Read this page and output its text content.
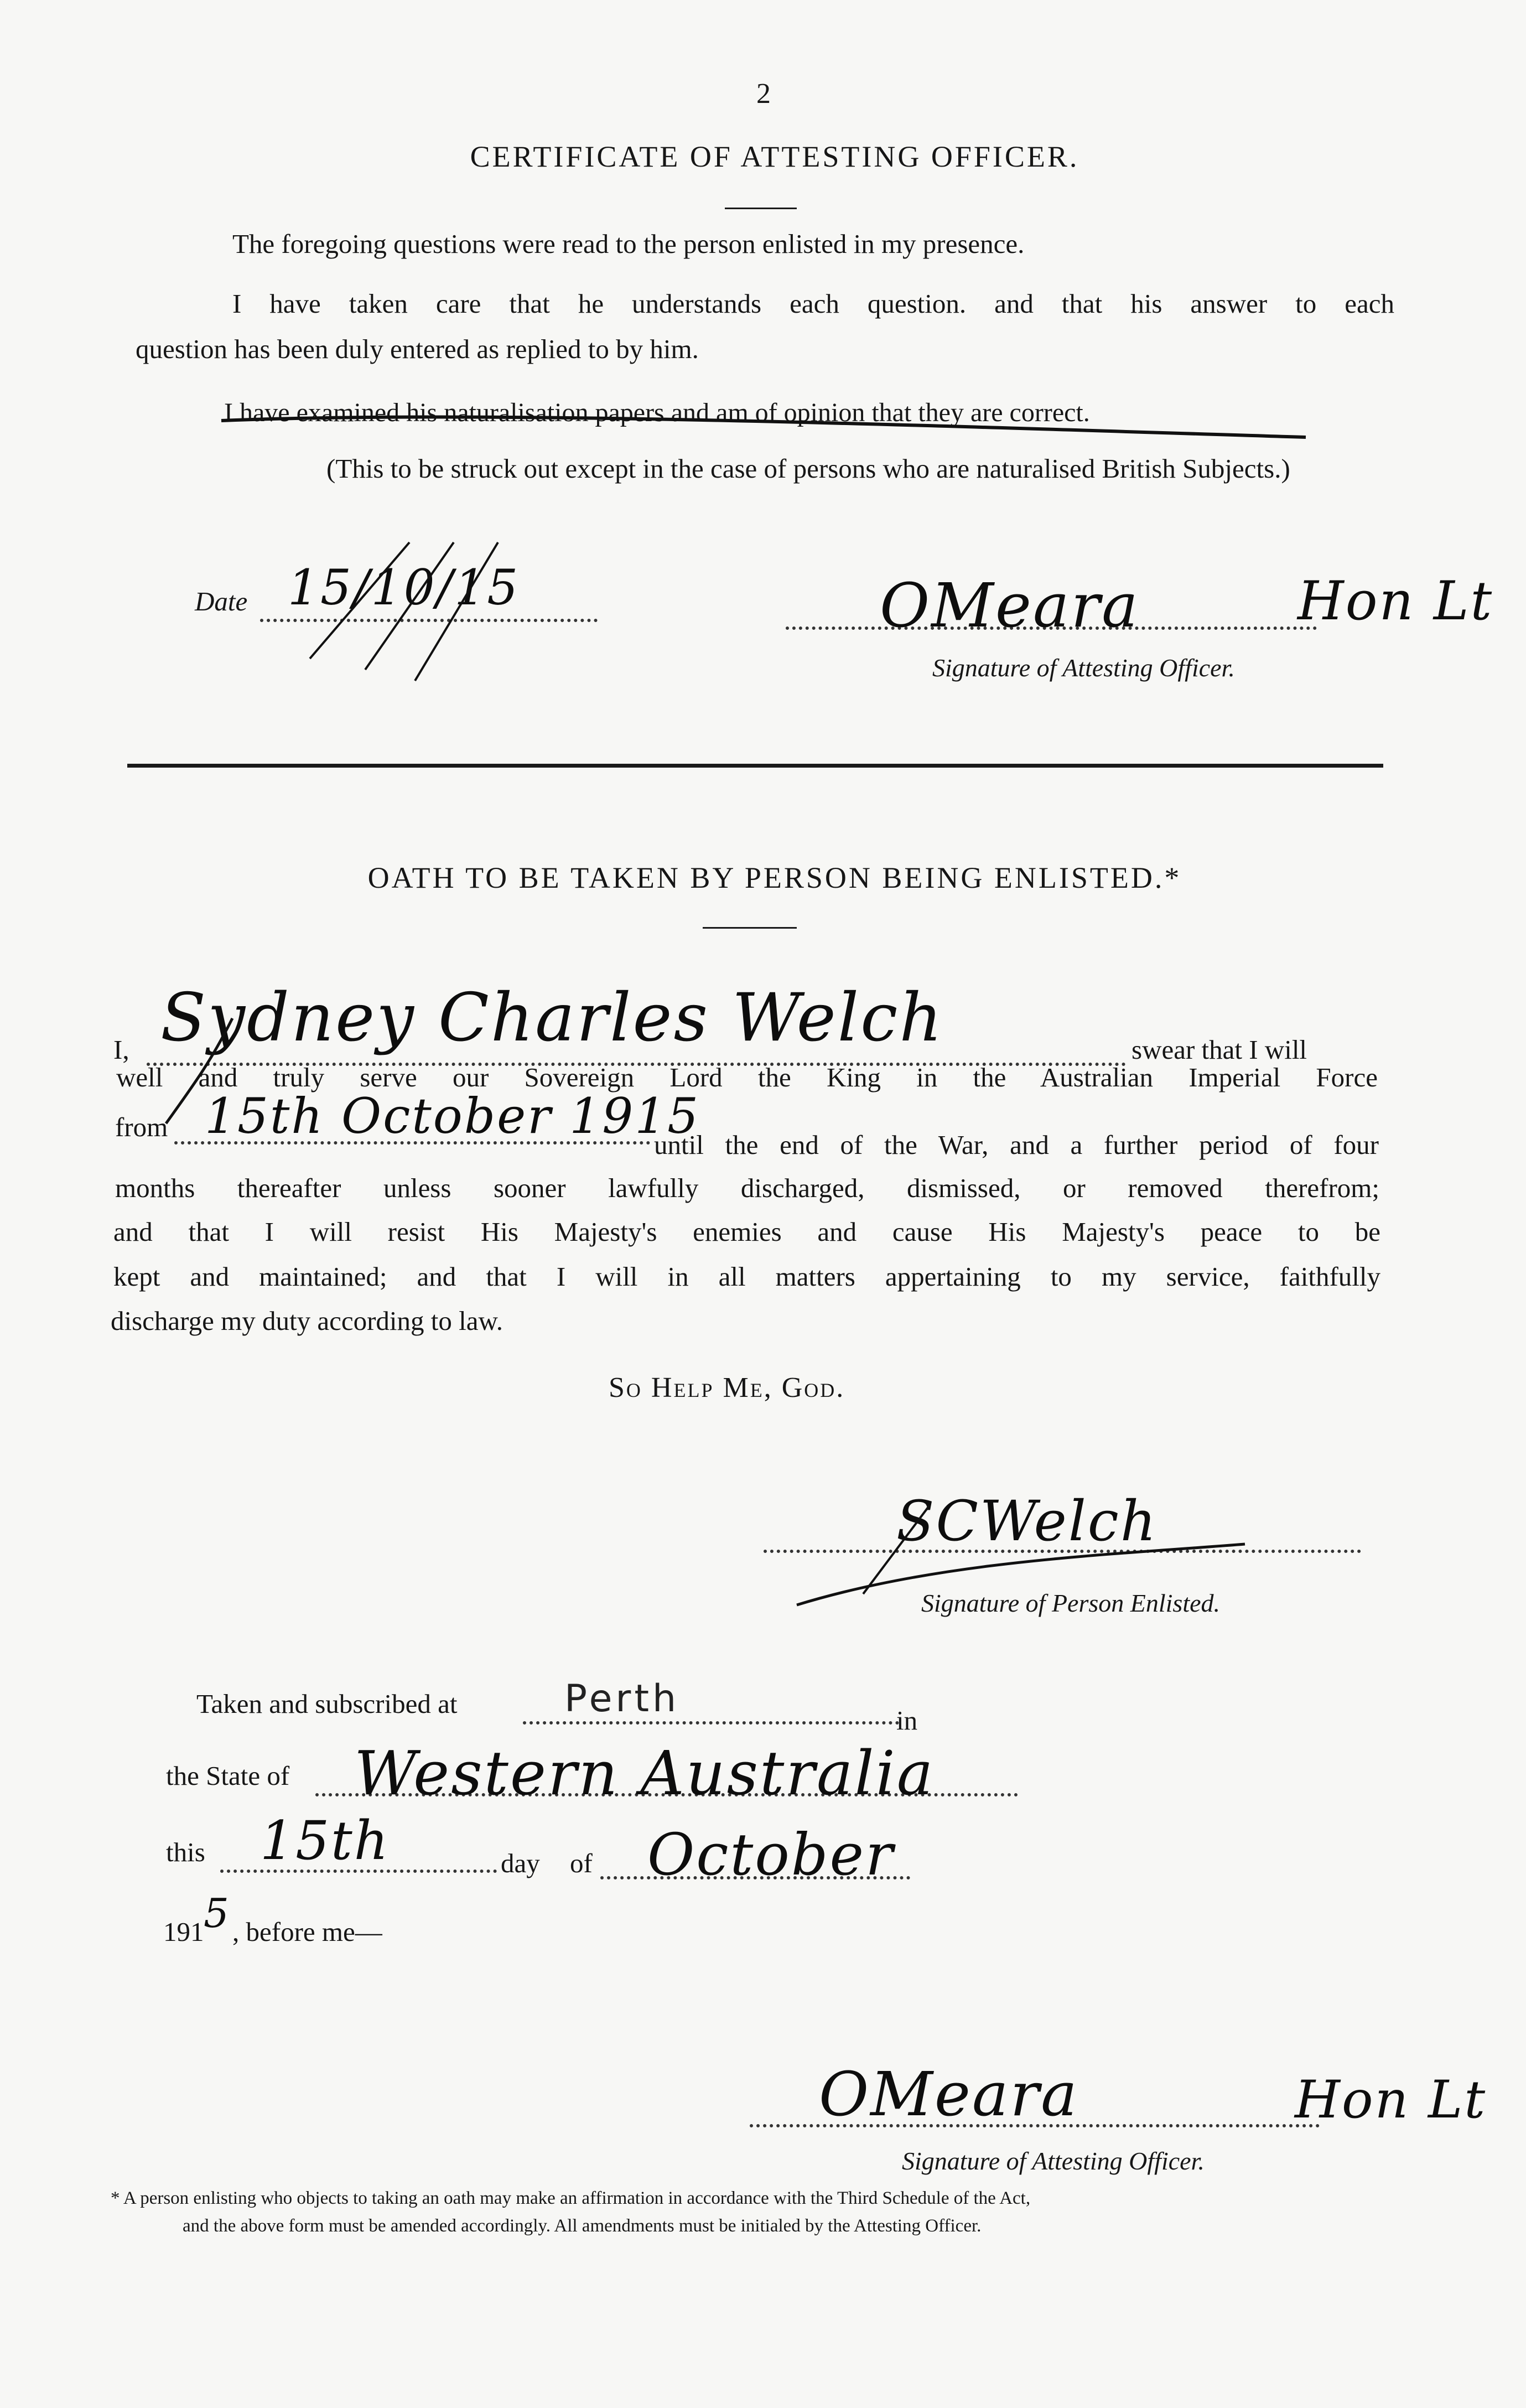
2
CERTIFICATE OF ATTESTING OFFICER.
The foregoing questions were read to the person enlisted in my presence.
I have taken care that he understands each question. and that his answer to each
question has been duly entered as replied to by him.
I have examined his naturalisation papers and am of opinion that they are correct.
(This to be struck out except in the case of persons who are naturalised British Subjects.)
Date 15/10/15	OMeara	Hon Lt
Signature of Attesting Officer.
OATH TO BE TAKEN BY PERSON BEING ENLISTED.*
I, Sydney Charles Welch	swear that I will
well and truly serve our Sovereign Lord the King in the Australian Imperial Force
from 15th October 1915
until the end of the War, and a further period of four
months thereafter unless sooner lawfully discharged, dismissed, or removed therefrom;
and that I will resist His Majesty's enemies and cause His Majesty's peace to be
kept and maintained; and that I will in all matters appertaining to my service, faithfully
discharge my duty according to law.
So Help Me, God.
SCWelch
Signature of Person Enlisted.
Taken and subscribed at	Perth	in
the State of Western Australia
this 15th	day of October
191 5 , before me—
OMeara	Hon Lt
Signature of Attesting Officer.
* A person enlisting who objects to taking an oath may make an affirmation in accordance with the Third Schedule of the Act,
and the above form must be amended accordingly. All amendments must be initialed by the Attesting Officer.
